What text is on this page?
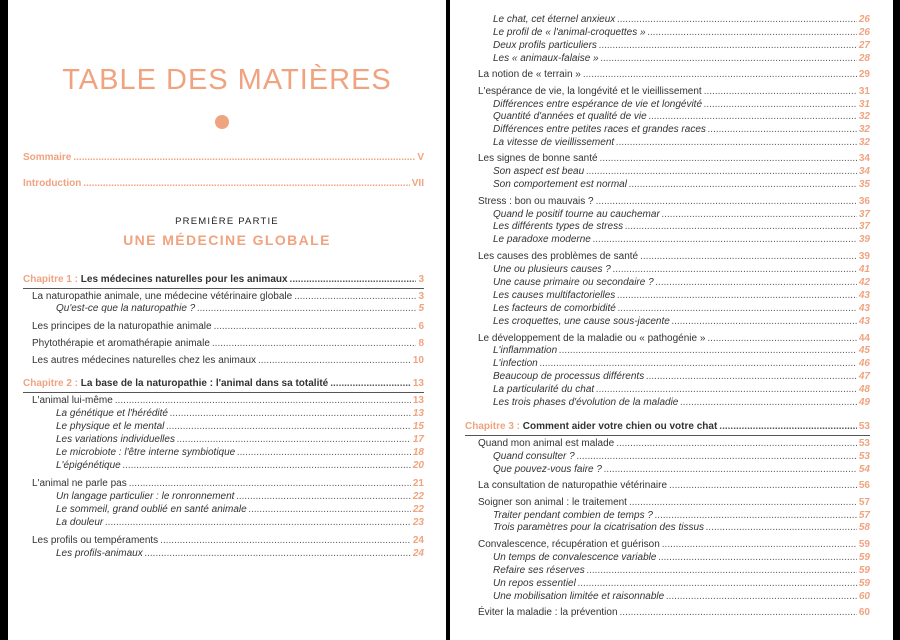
TABLE DES MATIÈRES
Sommaire .....	V
Introduction .....	VII
PREMIÈRE PARTIE
UNE MÉDECINE GLOBALE
Chapitre 1 : Les médecines naturelles pour les animaux .....	3
La naturopathie animale, une médecine vétérinaire globale .....	3
Qu'est-ce que la naturopathie ? .....	5
Les principes de la naturopathie animale .....	6
Phytothérapie et aromathérapie animale .....	8
Les autres médecines naturelles chez les animaux .....	10
Chapitre 2 : La base de la naturopathie : l'animal dans sa totalité .....	13
L'animal lui-même .....	13
La génétique et l'hérédité .....	13
Le physique et le mental .....	15
Les variations individuelles .....	17
Le microbiote : l'être interne symbiotique .....	18
L'épigénétique .....	20
L'animal ne parle pas .....	21
Un langage particulier : le ronronnement .....	22
Le sommeil, grand oublié en santé animale .....	22
La douleur .....	23
Les profils ou tempéraments .....	24
Les profils-animaux .....	24
Le chat, cet éternel anxieux .....	26
Le profil de « l'animal-croquettes » .....	26
Deux profils particuliers .....	27
Les « animaux-falaise » .....	28
La notion de « terrain » .....	29
L'espérance de vie, la longévité et le vieillissement .....	31
Différences entre espérance de vie et longévité .....	31
Quantité d'années et qualité de vie .....	32
Différences entre petites races et grandes races .....	32
La vitesse de vieillissement .....	32
Les signes de bonne santé .....	34
Son aspect est beau .....	34
Son comportement est normal .....	35
Stress : bon ou mauvais ? .....	36
Quand le positif tourne au cauchemar .....	37
Les différents types de stress .....	37
Le paradoxe moderne .....	39
Les causes des problèmes de santé .....	39
Une ou plusieurs causes ? .....	41
Une cause primaire ou secondaire ? .....	42
Les causes multifactorielles .....	43
Les facteurs de comorbidité .....	43
Les croquettes, une cause sous-jacente .....	43
Le développement de la maladie ou « pathogénie » .....	44
L'inflammation .....	45
L'infection .....	46
Beaucoup de processus différents .....	47
La particularité du chat .....	48
Les trois phases d'évolution de la maladie .....	49
Chapitre 3 : Comment aider votre chien ou votre chat .....	53
Quand mon animal est malade .....	53
Quand consulter ? .....	53
Que pouvez-vous faire ? .....	54
La consultation de naturopathie vétérinaire .....	56
Soigner son animal : le traitement .....	57
Traiter pendant combien de temps ? .....	57
Trois paramètres pour la cicatrisation des tissus .....	58
Convalescence, récupération et guérison .....	59
Un temps de convalescence variable .....	59
Refaire ses réserves .....	59
Un repos essentiel .....	59
Une mobilisation limitée et raisonnable .....	60
Éviter la maladie : la prévention .....	60
